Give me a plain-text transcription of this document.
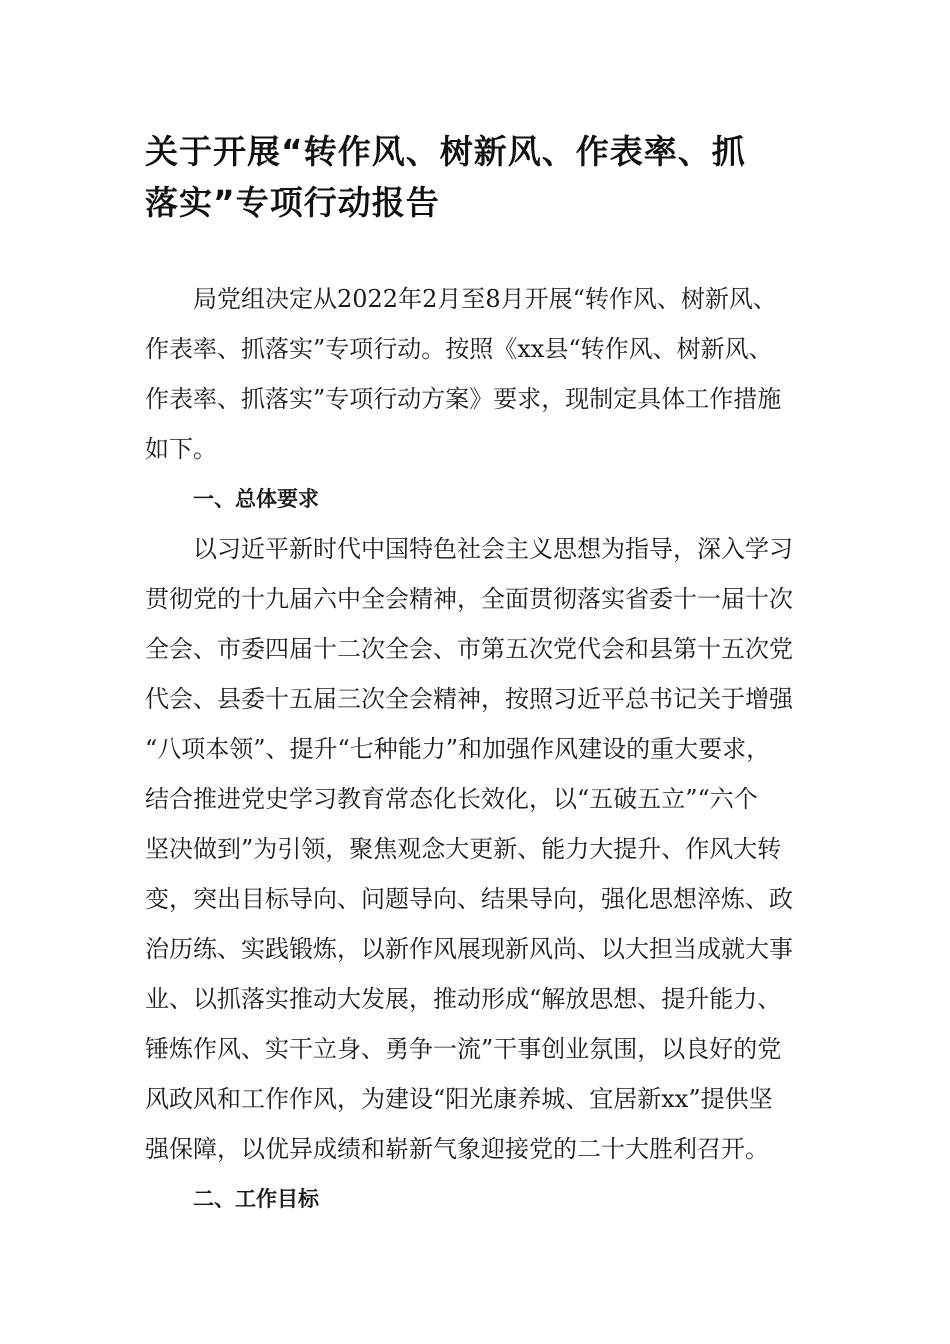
关于开展“转作风、树新风、作表率、抓
落实”专项行动报告

局党组决定从2022年2月至8月开展“转作风、树新风、
作表率、抓落实”专项行动。按照《xx县“转作风、树新风、
作表率、抓落实”专项行动方案》要求，现制定具体工作措施
如下。

一、总体要求

以习近平新时代中国特色社会主义思想为指导，深入学习
贯彻党的十九届六中全会精神，全面贯彻落实省委十一届十次
全会、市委四届十二次全会、市第五次党代会和县第十五次党
代会、县委十五届三次全会精神，按照习近平总书记关于增强
“八项本领”、提升“七种能力”和加强作风建设的重大要求，
结合推进党史学习教育常态化长效化，以“五破五立”“六个
坚决做到”为引领，聚焦观念大更新、能力大提升、作风大转
变，突出目标导向、问题导向、结果导向，强化思想淬炼、政
治历练、实践锻炼，以新作风展现新风尚、以大担当成就大事
业、以抓落实推动大发展，推动形成“解放思想、提升能力、
锤炼作风、实干立身、勇争一流”干事创业氛围，以良好的党
风政风和工作作风，为建设“阳光康养城、宜居新xx”提供坚
强保障，以优异成绩和崭新气象迎接党的二十大胜利召开。

二、工作目标
